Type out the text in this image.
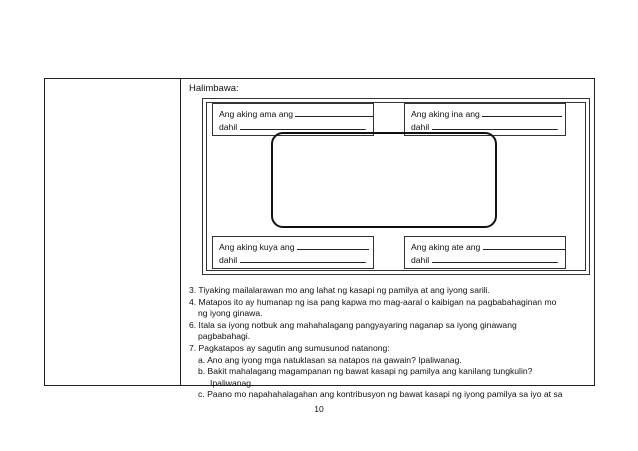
Halimbawa:
Ang aking ama ang
dahil	.
Ang aking ina ang
dahil	.
Ang aking kuya ang
dahil	.
Ang aking ate ang
dahil	.
3. Tiyaking mailalarawan mo ang lahat ng kasapi ng pamilya at ang iyong sarili.
4. Matapos ito ay humanap ng isa pang kapwa mo mag-aaral o kaibigan na pagbabahaginan mo
ng iyong ginawa.
6. Itala sa iyong notbuk ang mahahalagang pangyayaring naganap sa iyong ginawang
pagbabahagi.
7. Pagkatapos ay sagutin ang sumusunod natanong:
a. Ano ang iyong mga natuklasan sa natapos na gawain? Ipaliwanag.
b. Bakit mahalagang magampanan ng bawat kasapi ng pamilya ang kanilang tungkulin?
Ipaliwanag.
c. Paano mo napahahalagahan ang kontribusyon ng bawat kasapi ng iyong pamilya sa iyo at sa
10
